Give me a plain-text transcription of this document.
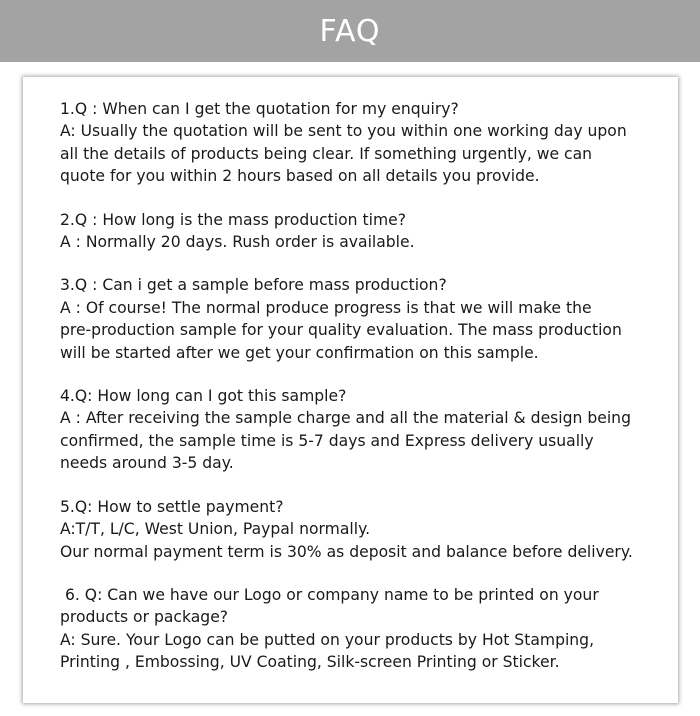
FAQ

1.Q : When can I get the quotation for my enquiry?

A: Usually the quotation will be sent to you within one working day upon

all the details of products being clear. If something urgently, we can

quote for you within 2 hours based on all details you provide.

2.Q : How long is the mass production time?

A : Normally 20 days. Rush order is available.

3.Q : Can i get a sample before mass production?

A : Of course! The normal produce progress is that we will make the

pre-production sample for your quality evaluation. The mass production

will be started after we get your confirmation on this sample.

4.Q: How long can I got this sample?

A : After receiving the sample charge and all the material & design being

confirmed, the sample time is 5-7 days and Express delivery usually

needs around 3-5 day.

5.Q: How to settle payment?

A:T/T, L/C, West Union, Paypal normally.

Our normal payment term is 30% as deposit and balance before delivery.

6. Q: Can we have our Logo or company name to be printed on your

products or package?

A: Sure. Your Logo can be putted on your products by Hot Stamping,

Printing , Embossing, UV Coating, Silk-screen Printing or Sticker.
